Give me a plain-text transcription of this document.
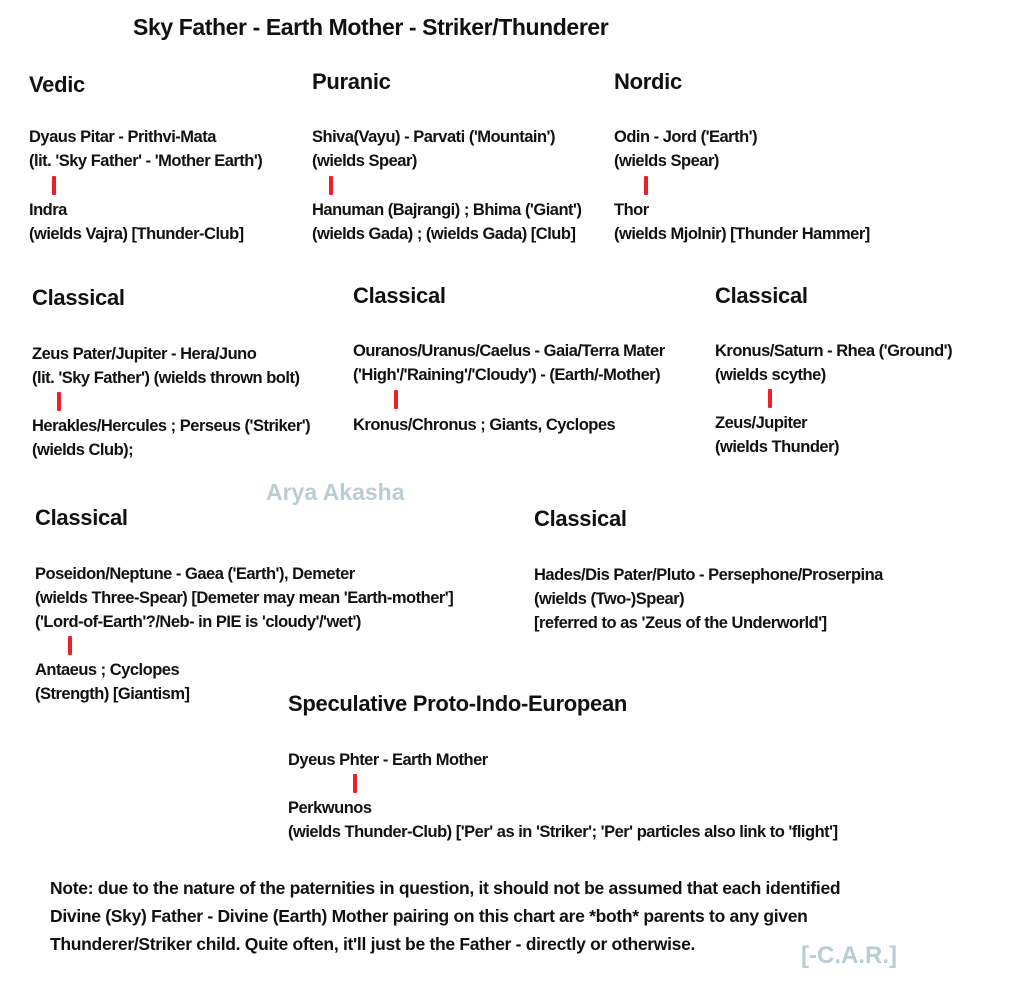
Sky Father - Earth Mother - Striker/Thunderer
Vedic
Dyaus Pitar - Prithvi-Mata
(lit. 'Sky Father' - 'Mother Earth')
Indra
(wields Vajra) [Thunder-Club]
Puranic
Shiva(Vayu) - Parvati ('Mountain')
(wields Spear)
Hanuman (Bajrangi) ; Bhima ('Giant')
(wields Gada) ; (wields Gada) [Club]
Nordic
Odin - Jord ('Earth')
(wields Spear)
Thor
(wields Mjolnir) [Thunder Hammer]
Classical
Zeus Pater/Jupiter - Hera/Juno
(lit. 'Sky Father') (wields thrown bolt)
Herakles/Hercules ; Perseus ('Striker')
(wields Club);
Classical
Ouranos/Uranus/Caelus - Gaia/Terra Mater
('High'/'Raining'/'Cloudy') - (Earth/-Mother)
Kronus/Chronus ; Giants, Cyclopes
Classical
Kronus/Saturn - Rhea ('Ground')
(wields scythe)
Zeus/Jupiter
(wields Thunder)
Arya Akasha
Classical
Poseidon/Neptune - Gaea ('Earth'), Demeter
(wields Three-Spear) [Demeter may mean 'Earth-mother']
('Lord-of-Earth'?/Neb- in PIE is 'cloudy'/'wet')
Antaeus ; Cyclopes
(Strength) [Giantism]
Classical
Hades/Dis Pater/Pluto - Persephone/Proserpina
(wields (Two-)Spear)
[referred to as 'Zeus of the Underworld']
Speculative Proto-Indo-European
Dyeus Phter - Earth Mother
Perkwunos
(wields Thunder-Club) ['Per' as in 'Striker'; 'Per' particles also link to 'flight']
Note: due to the nature of the paternities in question, it should not be assumed that each identified
Divine (Sky) Father - Divine (Earth) Mother pairing on this chart are *both* parents to any given
Thunderer/Striker child. Quite often, it'll just be the Father - directly or otherwise.	[-C.A.R.]
